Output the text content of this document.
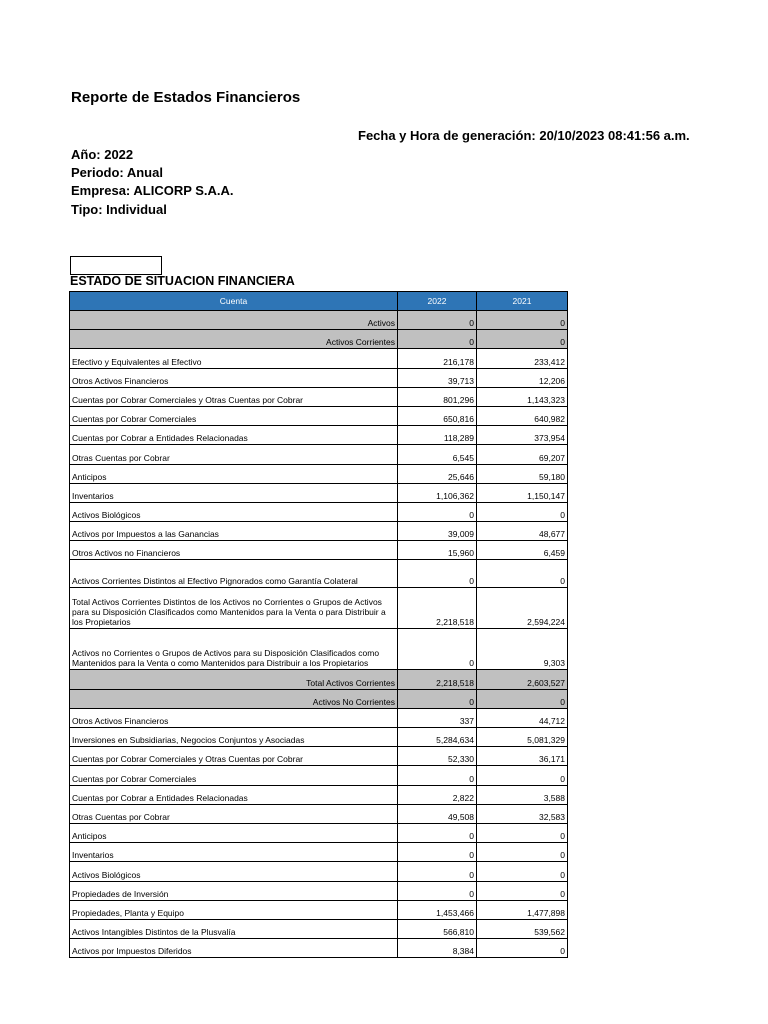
Reporte de Estados Financieros
Fecha y Hora de generación: 20/10/2023 08:41:56 a.m.
Año: 2022
Periodo: Anual
Empresa: ALICORP S.A.A.
Tipo: Individual
ESTADO DE SITUACION FINANCIERA
Cuenta	2022	2021
Activos	0	0
Activos Corrientes	0	0
Efectivo y Equivalentes al Efectivo	216,178	233,412
Otros Activos Financieros	39,713	12,206
Cuentas por Cobrar Comerciales y Otras Cuentas por Cobrar	801,296	1,143,323
Cuentas por Cobrar Comerciales	650,816	640,982
Cuentas por Cobrar a Entidades Relacionadas	118,289	373,954
Otras Cuentas por Cobrar	6,545	69,207
Anticipos	25,646	59,180
Inventarios	1,106,362	1,150,147
Activos Biológicos	0	0
Activos por Impuestos a las Ganancias	39,009	48,677
Otros Activos no Financieros	15,960	6,459
Activos Corrientes Distintos al Efectivo Pignorados como Garantía Colateral	0	0
Total Activos Corrientes Distintos de los Activos no Corrientes o Grupos de Activos para su Disposición Clasificados como Mantenidos para la Venta o para Distribuir a los Propietarios	2,218,518	2,594,224
Activos no Corrientes o Grupos de Activos para su Disposición Clasificados como Mantenidos para la Venta o como Mantenidos para Distribuir a los Propietarios	0	9,303
Total Activos Corrientes	2,218,518	2,603,527
Activos No Corrientes	0	0
Otros Activos Financieros	337	44,712
Inversiones en Subsidiarias, Negocios Conjuntos y Asociadas	5,284,634	5,081,329
Cuentas por Cobrar Comerciales y Otras Cuentas por Cobrar	52,330	36,171
Cuentas por Cobrar Comerciales	0	0
Cuentas por Cobrar a Entidades Relacionadas	2,822	3,588
Otras Cuentas por Cobrar	49,508	32,583
Anticipos	0	0
Inventarios	0	0
Activos Biológicos	0	0
Propiedades de Inversión	0	0
Propiedades, Planta y Equipo	1,453,466	1,477,898
Activos Intangibles Distintos de la Plusvalía	566,810	539,562
Activos por Impuestos Diferidos	8,384	0
